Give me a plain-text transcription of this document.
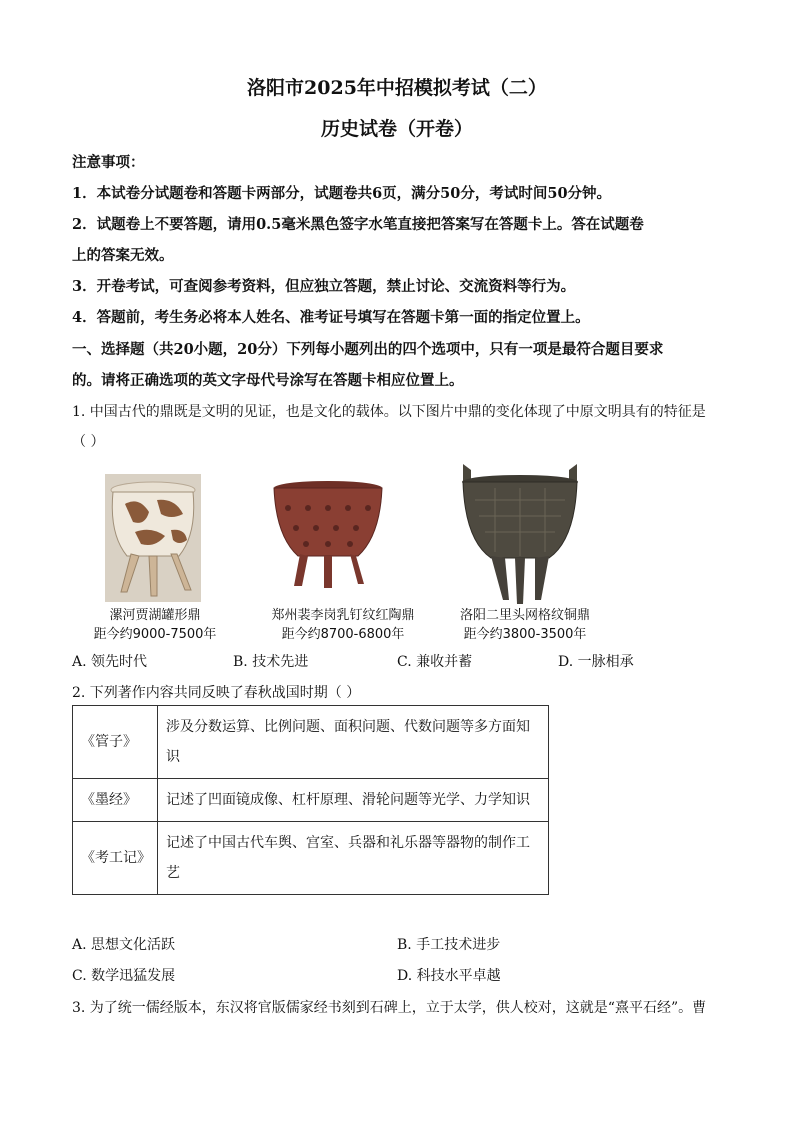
洛阳市2025年中招模拟考试（二）
历史试卷（开卷）
注意事项：
1．本试卷分试题卷和答题卡两部分，试题卷共6页，满分50分，考试时间50分钟。
2．试题卷上不要答题，请用0.5毫米黑色签字水笔直接把答案写在答题卡上。答在试题卷
上的答案无效。
3．开卷考试，可查阅参考资料，但应独立答题，禁止讨论、交流资料等行为。
4．答题前，考生务必将本人姓名、准考证号填写在答题卡第一面的指定位置上。
一、选择题（共20小题，20分）下列每小题列出的四个选项中，只有一项是最符合题目要求
的。请将正确选项的英文字母代号涂写在答题卡相应位置上。
1. 中国古代的鼎既是文明的见证，也是文化的载体。以下图片中鼎的变化体现了中原文明具有的特征是
（ ）
漯河贾湖罐形鼎
距今约9000-7500年
郑州裴李岗乳钉纹红陶鼎
距今约8700-6800年
洛阳二里头网格纹铜鼎
距今约3800-3500年
A. 领先时代	B. 技术先进	C. 兼收并蓄	D. 一脉相承
2. 下列著作内容共同反映了春秋战国时期（ ）
《管子》	涉及分数运算、比例问题、面积问题、代数问题等多方面知识
《墨经》	记述了凹面镜成像、杠杆原理、滑轮问题等光学、力学知识
《考工记》	记述了中国古代车舆、宫室、兵器和礼乐器等器物的制作工艺
A. 思想文化活跃	B. 手工技术进步
C. 数学迅猛发展	D. 科技水平卓越
3. 为了统一儒经版本，东汉将官版儒家经书刻到石碑上，立于太学，供人校对，这就是“熹平石经”。曹
